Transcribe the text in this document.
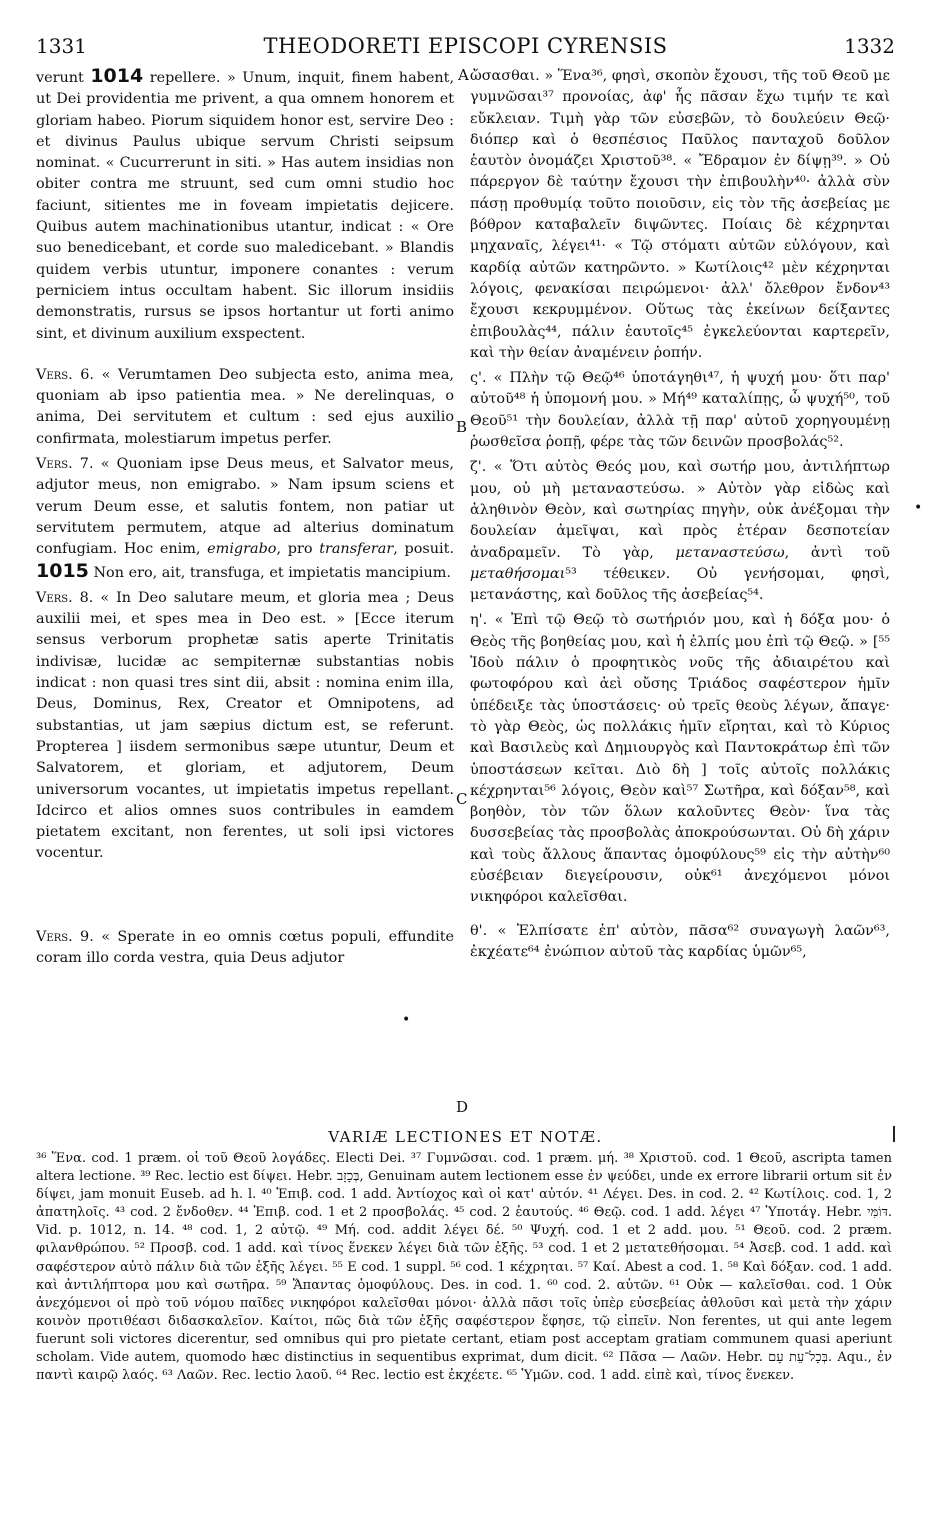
1331	THEODORETI EPISCOPI CYRENSIS	1332
A
B
C
D

verunt 1014 repellere. » Unum, inquit, finem habent, ut Dei providentia me privent, a qua omnem honorem et gloriam habeo. Piorum siquidem honor est, servire Deo : et divinus Paulus ubique servum Christi seipsum nominat. « Cucurrerunt in siti. » Has autem insidias non obiter contra me struunt, sed cum omni studio hoc faciunt, sitientes me in foveam impietatis dejicere. Quibus autem machinationibus utantur, indicat : « Ore suo benedicebant, et corde suo maledicebant. » Blandis quidem verbis utuntur, imponere conantes : verum perniciem intus occultam habent. Sic illorum insidiis demonstratis, rursus se ipsos hortantur ut forti animo sint, et divinum auxilium exspectent.

Vers. 6. « Verumtamen Deo subjecta esto, anima mea, quoniam ab ipso patientia mea. » Ne derelinquas, o anima, Dei servitutem et cultum : sed ejus auxilio confirmata, molestiarum impetus perfer.

Vers. 7. « Quoniam ipse Deus meus, et Salvator meus, adjutor meus, non emigrabo. » Nam ipsum sciens et verum Deum esse, et salutis fontem, non patiar ut servitutem permutem, atque ad alterius dominatum confugiam. Hoc enim, emigrabo, pro transferar, posuit. 1015 Non ero, ait, transfuga, et impietatis mancipium.

Vers. 8. « In Deo salutare meum, et gloria mea ; Deus auxilii mei, et spes mea in Deo est. » [Ecce iterum sensus verborum prophetæ satis aperte Trinitatis indivisæ, lucidæ ac sempiternæ substantias nobis indicat : non quasi tres sint dii, absit : nomina enim illa, Deus, Dominus, Rex, Creator et Omnipotens, ad substantias, ut jam sæpius dictum est, se referunt. Propterea ] iisdem sermonibus sæpe utuntur, Deum et Salvatorem, et gloriam, et adjutorem, Deum universorum vocantes, ut impietatis impetus repellant. Idcirco et alios omnes suos contribules in eamdem pietatem excitant, non ferentes, ut soli ipsi victores vocentur.

Vers. 9. « Sperate in eo omnis cœtus populi, effundite coram illo corda vestra, quia Deus adjutor

ὤσασθαι. » Ἕνα³⁶, φησὶ, σκοπὸν ἔχουσι, τῆς τοῦ Θεοῦ με γυμνῶσαι³⁷ προνοίας, ἀφ' ἧς πᾶσαν ἔχω τιμήν τε καὶ εὔκλειαν. Τιμὴ γὰρ τῶν εὐσεβῶν, τὸ δουλεύειν Θεῷ· διόπερ καὶ ὁ θεσπέσιος Παῦλος πανταχοῦ δοῦλον ἑαυτὸν ὀνομάζει Χριστοῦ³⁸. « Ἔδραμον ἐν δίψῃ³⁹. » Οὐ πάρεργον δὲ ταύτην ἔχουσι τὴν ἐπιβουλὴν⁴⁰· ἀλλὰ σὺν πάσῃ προθυμίᾳ τοῦτο ποιοῦσιν, εἰς τὸν τῆς ἀσεβείας με βόθρον καταβαλεῖν διψῶντες. Ποίαις δὲ κέχρηνται μηχαναῖς, λέγει⁴¹· « Τῷ στόματι αὐτῶν εὐλόγουν, καὶ καρδίᾳ αὐτῶν κατηρῶντο. » Κωτίλοις⁴² μὲν κέχρηνται λόγοις, φενακίσαι πειρώμενοι· ἀλλ' ὄλεθρον ἔνδον⁴³ ἔχουσι κεκρυμμένον. Οὕτως τὰς ἐκείνων δείξαντες ἐπιβουλὰς⁴⁴, πάλιν ἑαυτοῖς⁴⁵ ἐγκελεύονται καρτερεῖν, καὶ τὴν θείαν ἀναμένειν ῥοπήν.

ς'. « Πλὴν τῷ Θεῷ⁴⁶ ὑποτάγηθι⁴⁷, ἡ ψυχή μου· ὅτι παρ' αὐτοῦ⁴⁸ ἡ ὑπομονή μου. » Μή⁴⁹ καταλίπῃς, ὦ ψυχή⁵⁰, τοῦ Θεοῦ⁵¹ τὴν δουλείαν, ἀλλὰ τῇ παρ' αὐτοῦ χορηγουμένῃ ῥωσθεῖσα ῥοπῇ, φέρε τὰς τῶν δεινῶν προσβολάς⁵².

ζ'. « Ὅτι αὐτὸς Θεός μου, καὶ σωτήρ μου, ἀντιλήπτωρ μου, οὐ μὴ μεταναστεύσω. » Αὐτὸν γὰρ εἰδὼς καὶ ἀληθινὸν Θεὸν, καὶ σωτηρίας πηγὴν, οὐκ ἀνέξομαι τὴν δουλείαν ἀμεῖψαι, καὶ πρὸς ἑτέραν δεσποτείαν ἀναδραμεῖν. Τὸ γὰρ, μεταναστεύσω, ἀντὶ τοῦ μεταθήσομαι⁵³ τέθεικεν. Οὐ γενήσομαι, φησὶ, μετανάστης, καὶ δοῦλος τῆς ἀσεβείας⁵⁴.

η'. « Ἐπὶ τῷ Θεῷ τὸ σωτήριόν μου, καὶ ἡ δόξα μου· ὁ Θεὸς τῆς βοηθείας μου, καὶ ἡ ἐλπίς μου ἐπὶ τῷ Θεῷ. » [⁵⁵ Ἰδοὺ πάλιν ὁ προφητικὸς νοῦς τῆς ἀδιαιρέτου καὶ φωτοφόρου καὶ ἀεὶ οὔσης Τριάδος σαφέστερον ἡμῖν ὑπέδειξε τὰς ὑποστάσεις· οὐ τρεῖς θεοὺς λέγων, ἄπαγε· τὸ γὰρ Θεὸς, ὡς πολλάκις ἡμῖν εἴρηται, καὶ τὸ Κύριος καὶ Βασιλεὺς καὶ Δημιουργὸς καὶ Παντοκράτωρ ἐπὶ τῶν ὑποστάσεων κεῖται. Διὸ δὴ ] τοῖς αὐτοῖς πολλάκις κέχρηνται⁵⁶ λόγοις, Θεὸν καὶ⁵⁷ Σωτῆρα, καὶ δόξαν⁵⁸, καὶ βοηθὸν, τὸν τῶν ὅλων καλοῦντες Θεὸν· ἵνα τὰς δυσσεβείας τὰς προσβολὰς ἀποκρούσωνται. Οὐ δὴ χάριν καὶ τοὺς ἄλλους ἅπαντας ὁμοφύλους⁵⁹ εἰς τὴν αὐτὴν⁶⁰ εὐσέβειαν διεγείρουσιν, οὐκ⁶¹ ἀνεχόμενοι μόνοι νικηφόροι καλεῖσθαι.

θ'. « Ἐλπίσατε ἐπ' αὐτὸν, πᾶσα⁶² συναγωγὴ λαῶν⁶³, ἐκχέατε⁶⁴ ἐνώπιον αὐτοῦ τὰς καρδίας ὑμῶν⁶⁵,

•
•
VARIÆ LECTIONES ET NOTÆ.

³⁶ Ἕνα. cod. 1 præm. οἱ τοῦ Θεοῦ λογάδες. Electi Dei. ³⁷ Γυμνῶσαι. cod. 1 præm. μή. ³⁸ Χριστοῦ. cod. 1 Θεοῦ, ascripta tamen altera lectione. ³⁹ Rec. lectio est δίψει. Hebr. בְּכָזָב, Genuinam autem lectionem esse ἐν ψεύδει, unde ex errore librarii ortum sit ἐν δίψει, jam monuit Euseb. ad h. l. ⁴⁰ Ἐπιβ. cod. 1 add. Ἀντίοχος καὶ οἱ κατ' αὐτόν. ⁴¹ Λέγει. Des. in cod. 2. ⁴² Κωτίλοις. cod. 1, 2 ἀπατηλοῖς. ⁴³ cod. 2 ἔνδοθεν. ⁴⁴ Ἐπιβ. cod. 1 et 2 προσβολάς. ⁴⁵ cod. 2 ἑαυτούς. ⁴⁶ Θεῷ. cod. 1 add. λέγει ⁴⁷ Ὑποτάγ. Hebr. דּוֹמִּי. Vid. p. 1012, n. 14. ⁴⁸ cod. 1, 2 αὐτῷ. ⁴⁹ Μή. cod. addit λέγει δέ. ⁵⁰ Ψυχή. cod. 1 et 2 add. μου. ⁵¹ Θεοῦ. cod. 2 præm. φιλανθρώπου. ⁵² Προσβ. cod. 1 add. καὶ τίνος ἕνεκεν λέγει διὰ τῶν ἑξῆς. ⁵³ cod. 1 et 2 μετατεθήσομαι. ⁵⁴ Ἀσεβ. cod. 1 add. καὶ σαφέστερον αὐτὸ πάλιν διὰ τῶν ἑξῆς λέγει. ⁵⁵ E cod. 1 suppl. ⁵⁶ cod. 1 κέχρηται. ⁵⁷ Καί. Abest a cod. 1. ⁵⁸ Καὶ δόξαν. cod. 1 add. καὶ ἀντιλήπτορα μου καὶ σωτῆρα. ⁵⁹ Ἅπαντας ὁμοφύλους. Des. in cod. 1. ⁶⁰ cod. 2. αὐτῶν. ⁶¹ Οὐκ — καλεῖσθαι. cod. 1 Οὐκ ἀνεχόμενοι οἱ πρὸ τοῦ νόμου παῖδες νικηφόροι καλεῖσθαι μόνοι· ἀλλὰ πᾶσι τοῖς ὑπὲρ εὐσεβείας ἀθλοῦσι καὶ μετὰ τὴν χάριν κοινὸν προτιθέασι διδασκαλεῖον. Καίτοι, πῶς διὰ τῶν ἑξῆς σαφέστερον ἔφησε, τῷ εἰπεῖν. Non ferentes, ut qui ante legem fuerunt soli victores dicerentur, sed omnibus qui pro pietate certant, etiam post acceptam gratiam communem quasi aperiunt scholam. Vide autem, quomodo hæc distinctius in sequentibus exprimat, dum dicit. ⁶² Πᾶσα — Λαῶν. Hebr. בְּכָל־עֵת עָם. Aqu., ἐν παντὶ καιρῷ λαός. ⁶³ Λαῶν. Rec. lectio λαοῦ. ⁶⁴ Rec. lectio est ἐκχέετε. ⁶⁵ Ὑμῶν. cod. 1 add. εἰπὲ καὶ, τίνος ἕνεκεν.
